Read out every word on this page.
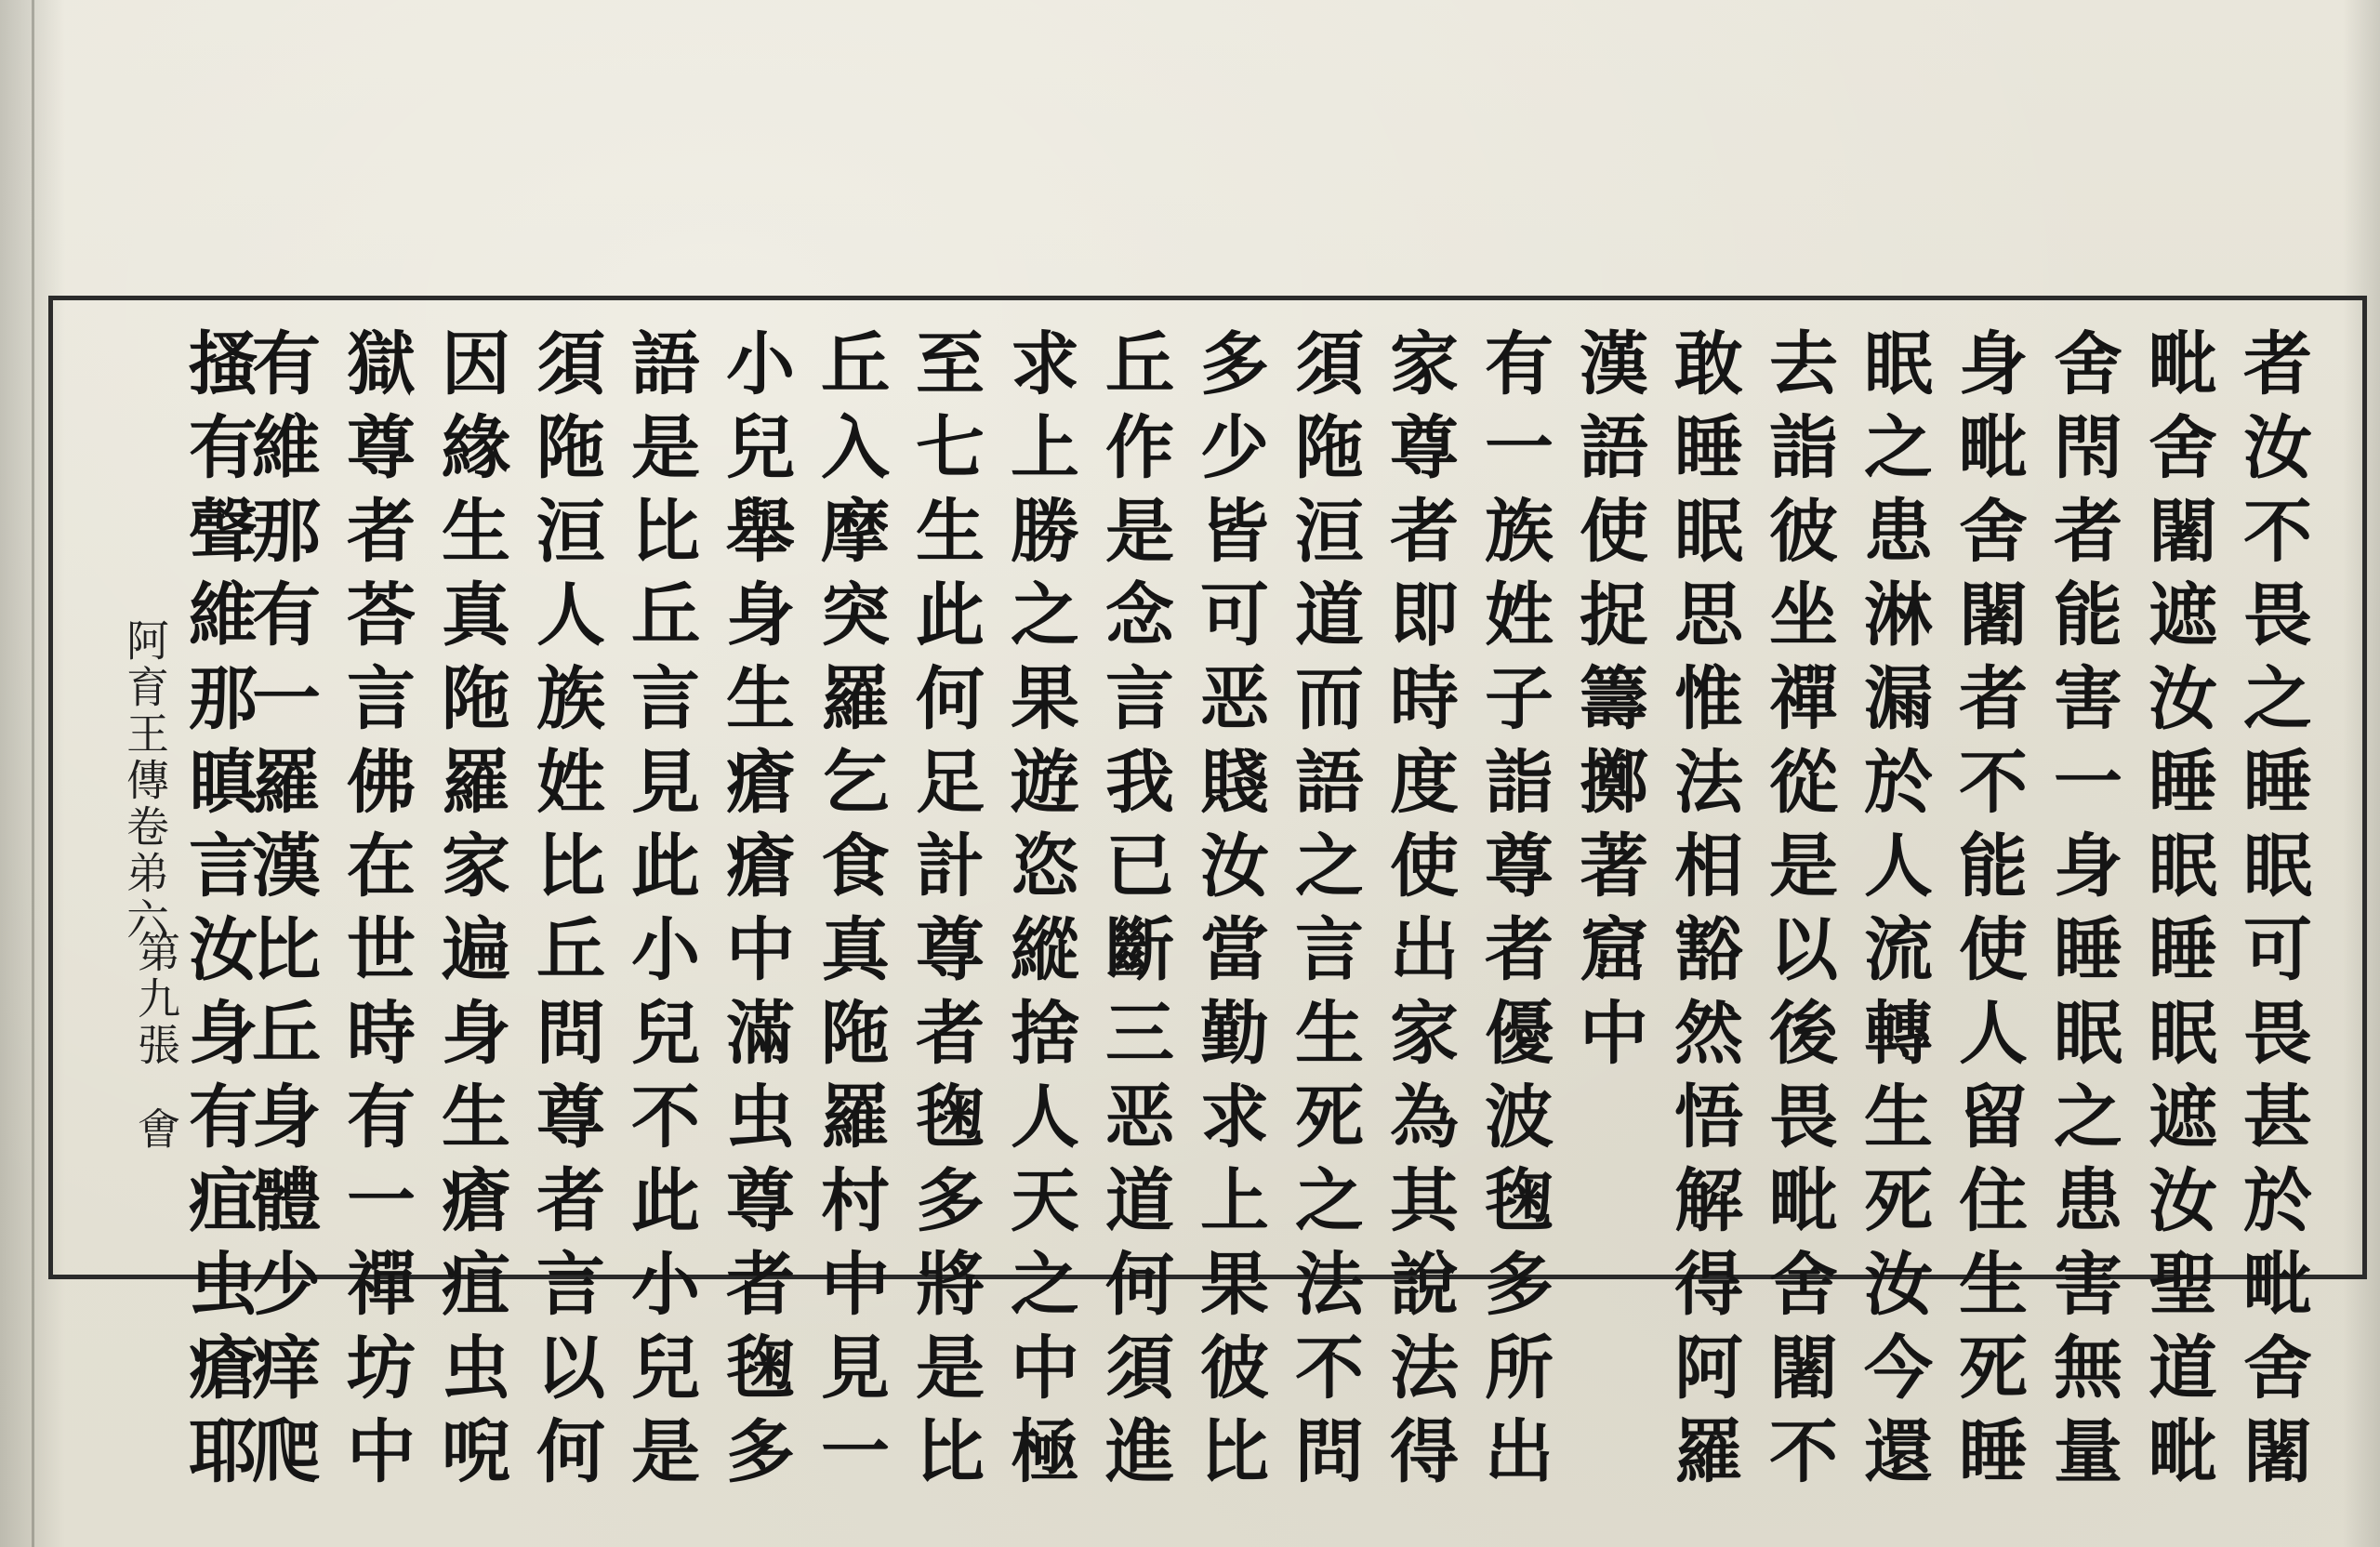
者汝不畏之睡眠可畏甚於毗舍闍
毗舍闍遮汝睡眠睡眠遮汝聖道毗
舍閇者能害一身睡眠之患害無量
身毗舍闍者不能使人留住生死睡
眠之患淋漏於人流轉生死汝今還
去詣彼坐禪從是以後畏毗舍闍不
敢睡眠思惟法相豁然悟解得阿羅
漢語使捉籌擲著窟中
有一族姓子詣尊者優波毱多所出
家尊者即時度使出家為其說法得
須陁洹道而語之言生死之法不問
多少皆可恶賤汝當勤求上果彼比
丘作是念言我已斷三恶道何須進
求上勝之果遊恣縱捨人天之中極
至七生此何足計尊者毱多將是比
丘入摩突羅乞食真陁羅村中見一
小兒舉身生瘡瘡中滿虫尊者毱多
語是比丘言見此小兒不此小兒是
須陁洹人族姓比丘問尊者言以何
因緣生真陁羅家遍身生瘡疽虫唲
獄尊者荅言佛在世時有一禪坊中
有維那有一羅漢比丘身體少痒爬
阿育王傳卷弟六
第九張
㑹
搔有聲維那瞋言汝身有疽虫瘡耶
